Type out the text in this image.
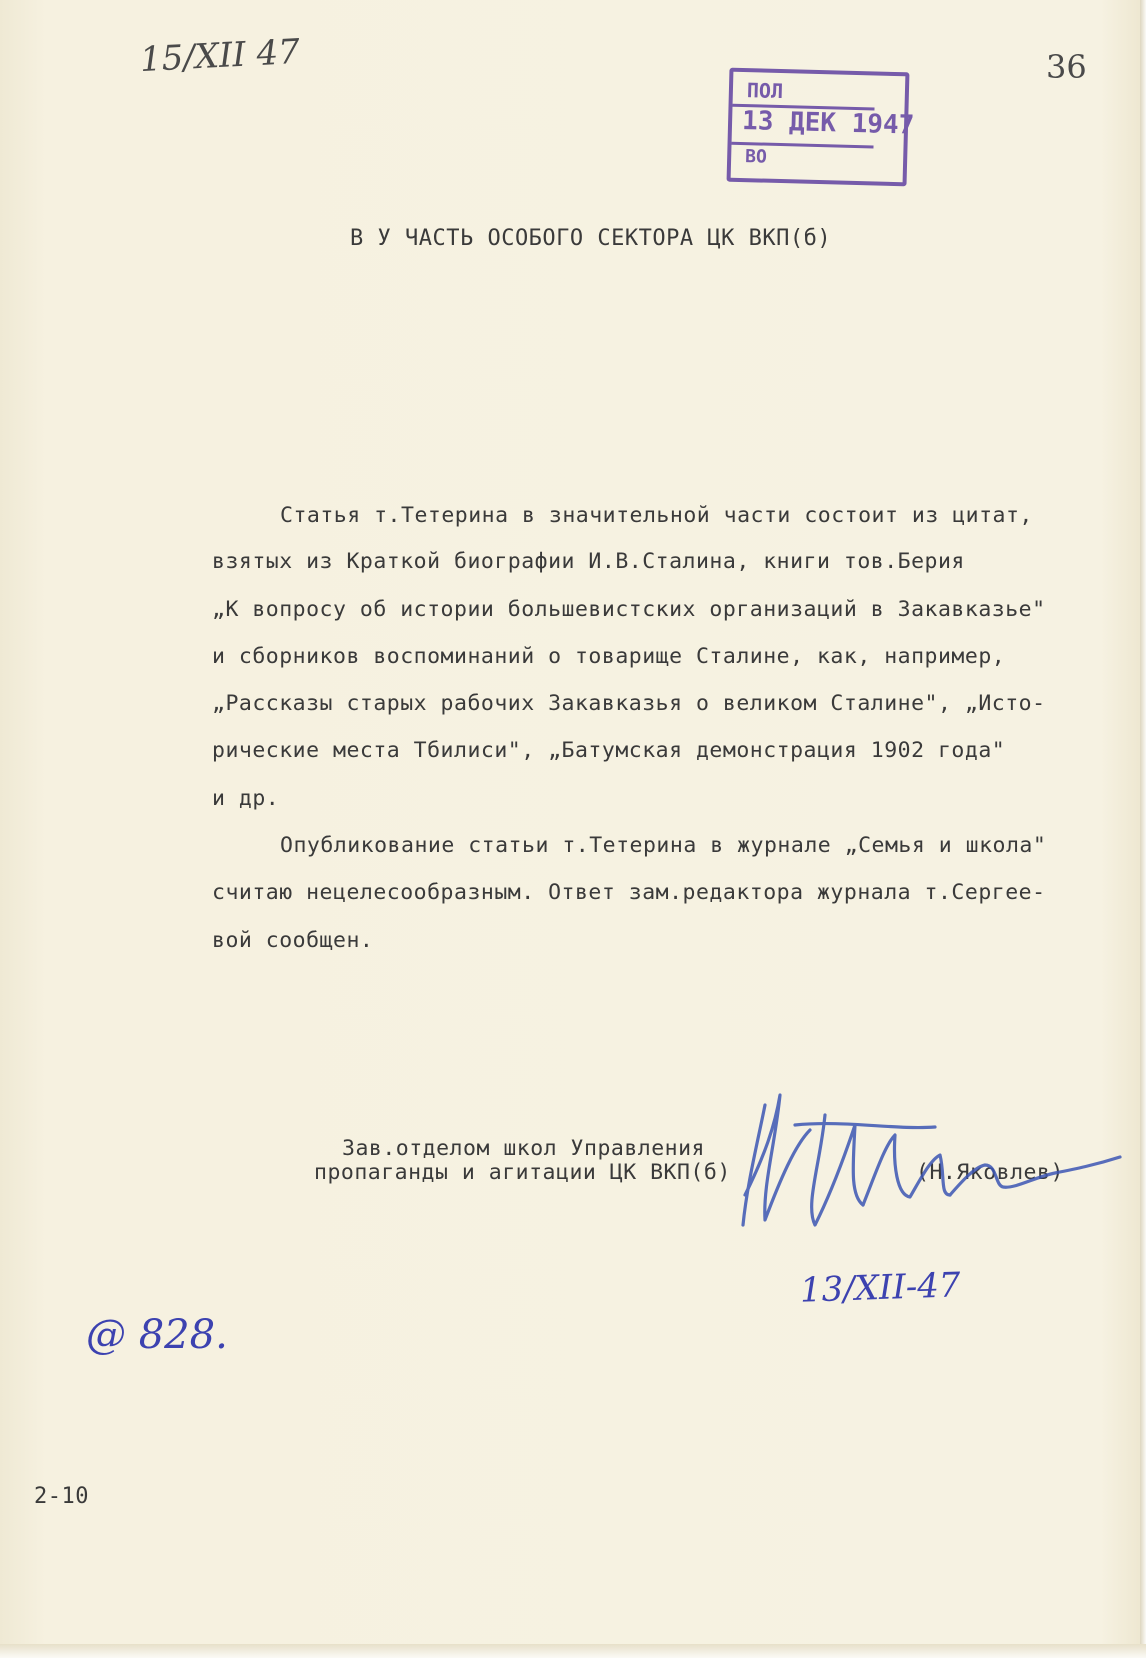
15/XII 47	36
ПОЛ
13 ДЕК 1947
ВО
В У ЧАСТЬ ОСОБОГО СЕКТОРА ЦК ВКП(б)
Статья т.Тетерина в значительной части состоит из цитат,
взятых из Краткой биографии И.В.Сталина, книги тов.Берия
„К вопросу об истории большевистских организаций в Закавказье"
и сборников воспоминаний о товарище Сталине, как, например,
„Рассказы старых рабочих Закавказья о великом Сталине", „Исто-
рические места Тбилиси", „Батумская демонстрация 1902 года"
и др.
Опубликование статьи т.Тетерина в журнале „Семья и школа"
считаю нецелесообразным. Ответ зам.редактора журнала т.Сергее-
вой сообщен.
Зав.отделом школ Управления
пропаганды и агитации ЦК ВКП(б)	(Н.Яковлев)
13/XII-47
@ 828.
2-10
